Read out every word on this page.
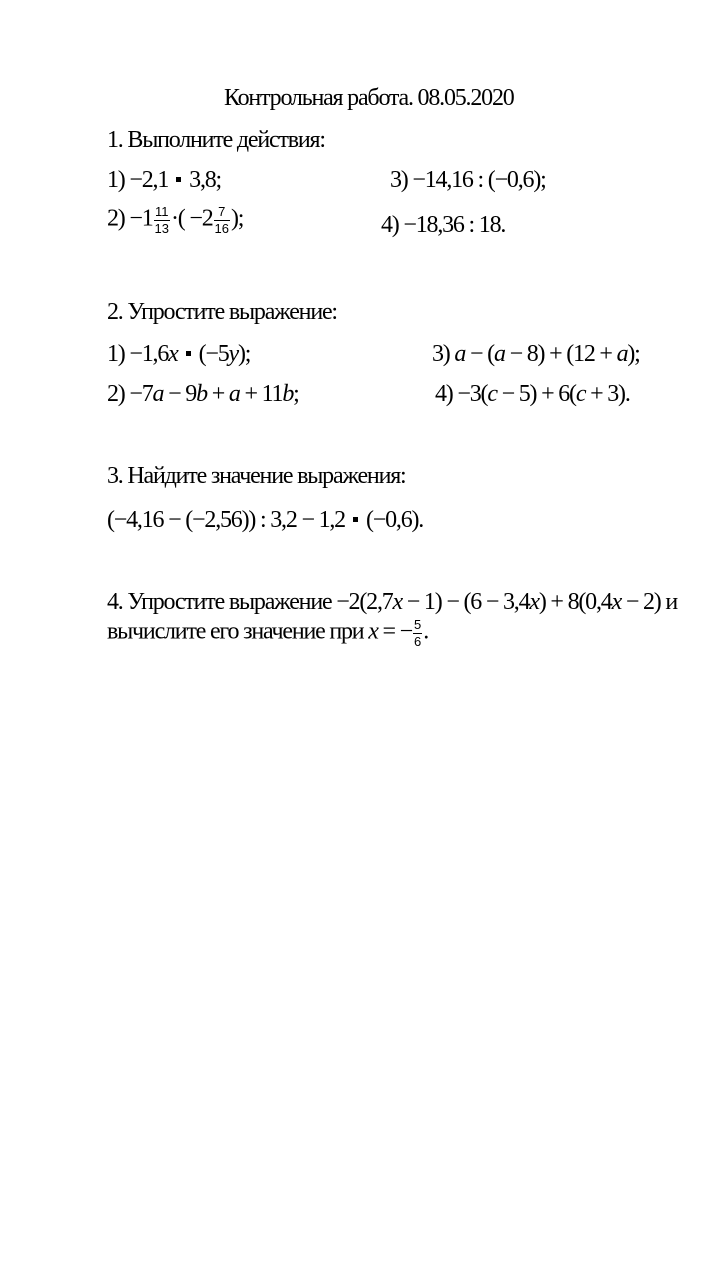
Контрольная работа. 08.05.2020
1. Выполните действия:
1) −2,1 3,8;	3) −14,16 : (−0,6);
$2) -1 \frac{11}{13}$ ·( $-2 \frac{7}{16}$ );	4) −18,36 : 18.
2. Упростите выражение:
1) −1,6x (−5y);	3) a − (a − 8) + (12 + a);
2) −7a − 9b + a + 11b;	4) −3(c − 5) + 6(c + 3).
3. Найдите значение выражения:
(−4,16 − (−2,56)) : 3,2 − 1,2 (−0,6).
4. Упростите выражение −2(2,7x − 1) − (6 − 3,4x) + 8(0,4x − 2) и
вычислите его значение при x = − $\frac{5}{6}$ .
